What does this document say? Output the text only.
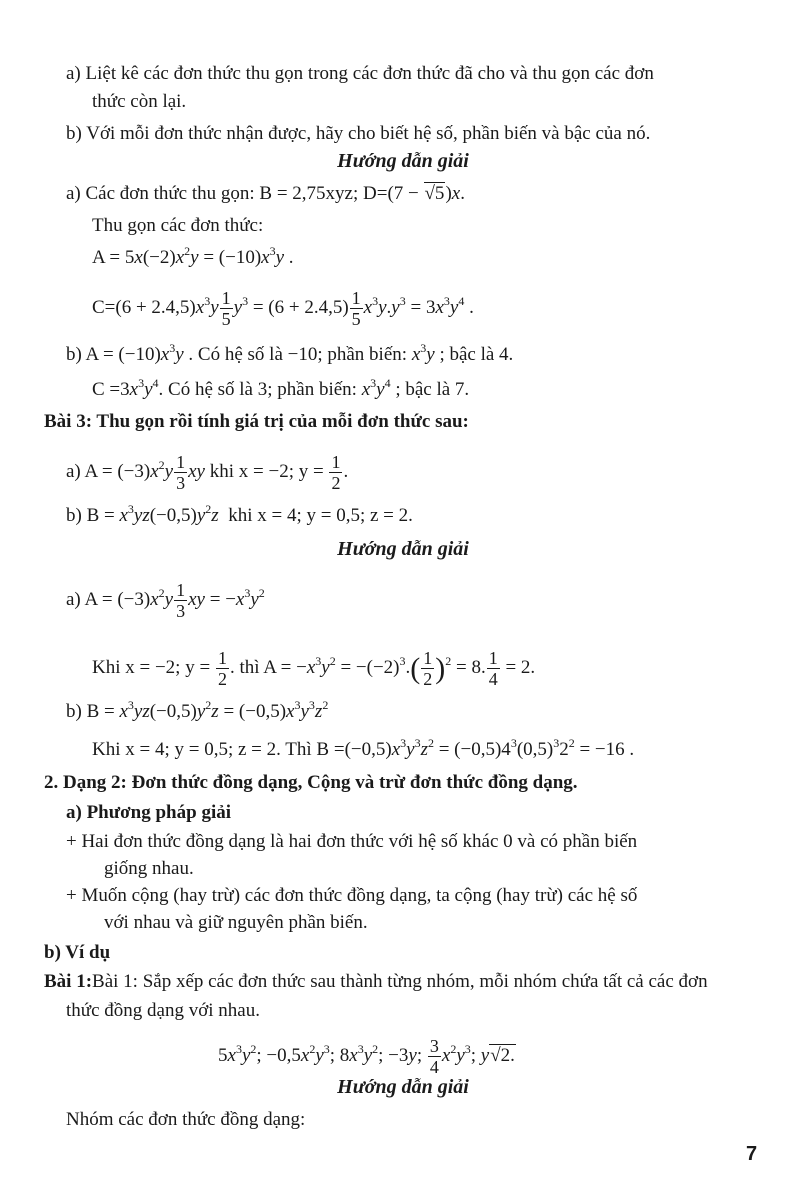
a) Liệt kê các đơn thức thu gọn trong các đơn thức đã cho và thu gọn các đơn
thức còn lại.
b) Với mỗi đơn thức nhận được, hãy cho biết hệ số, phần biến và bậc của nó.
Hướng dẫn giải
a) Các đơn thức thu gọn: B = 2,75xyz; D=(7 − √5)x.
Thu gọn các đơn thức:
$A = 5x(-2)x^2y = (-10)x^3y$ .
$C=(6 + 2.4,5)x^3y \frac{1}{5} y^3 = (6 + 2.4,5) \frac{1}{5} x^3y.y^3 = 3x^3y^4$ .
b) $A = (-10)x^3y$ . Có hệ số là −10; phần biến: $x^3y$ ; bậc là 4.
$C =3x^3y^4$. Có hệ số là 3; phần biến: $x^3y^4$ ; bậc là 7.
Bài 3: Thu gọn rồi tính giá trị của mỗi đơn thức sau:
a) $A = (-3)x^2y \frac{1}{3}$ xy khi x = −2; $y = \frac{1}{2}$ .
b) $B = x^3yz(-0,5)y^2z$  khi x = 4; y = 0,5; z = 2.
Hướng dẫn giải
a) $A = (-3)x^2y \frac{1}{3}$ xy = $-x^3y^2$
Khi x = −2; $y = \frac{1}{2}$ . thì $A = -x^3y^2 = -(-2)^3.( \frac{1}{2} )^2 = 8$. $\frac{1}{4} = 2$.
b) $B = x^3yz(-0,5)y^2z = (-0,5)x^3y^3z^2$
Khi x = 4; y = 0,5; z = 2. Thì $B =(-0,5)x^3y^3z^2 = (-0,5)4^3(0,5)^32^2 = -16$ .
2. Dạng 2: Đơn thức đồng dạng, Cộng và trừ đơn thức đồng dạng.
a) Phương pháp giải
+ Hai đơn thức đồng dạng là hai đơn thức với hệ số khác 0 và có phần biến
giống nhau.
+ Muốn cộng (hay trừ) các đơn thức đồng dạng, ta cộng (hay trừ) các hệ số
với nhau và giữ nguyên phần biến.
b) Ví dụ
Bài 1:Bài 1: Sắp xếp các đơn thức sau thành từng nhóm, mỗi nhóm chứa tất cả các đơn
thức đồng dạng với nhau.
$5x^3y^2$; $-0,5x^2y^3$; $8x^3y^2$; −3y; $\frac{3}{4} x^2y^3$; y√2.
Hướng dẫn giải
Nhóm các đơn thức đồng dạng:
7
